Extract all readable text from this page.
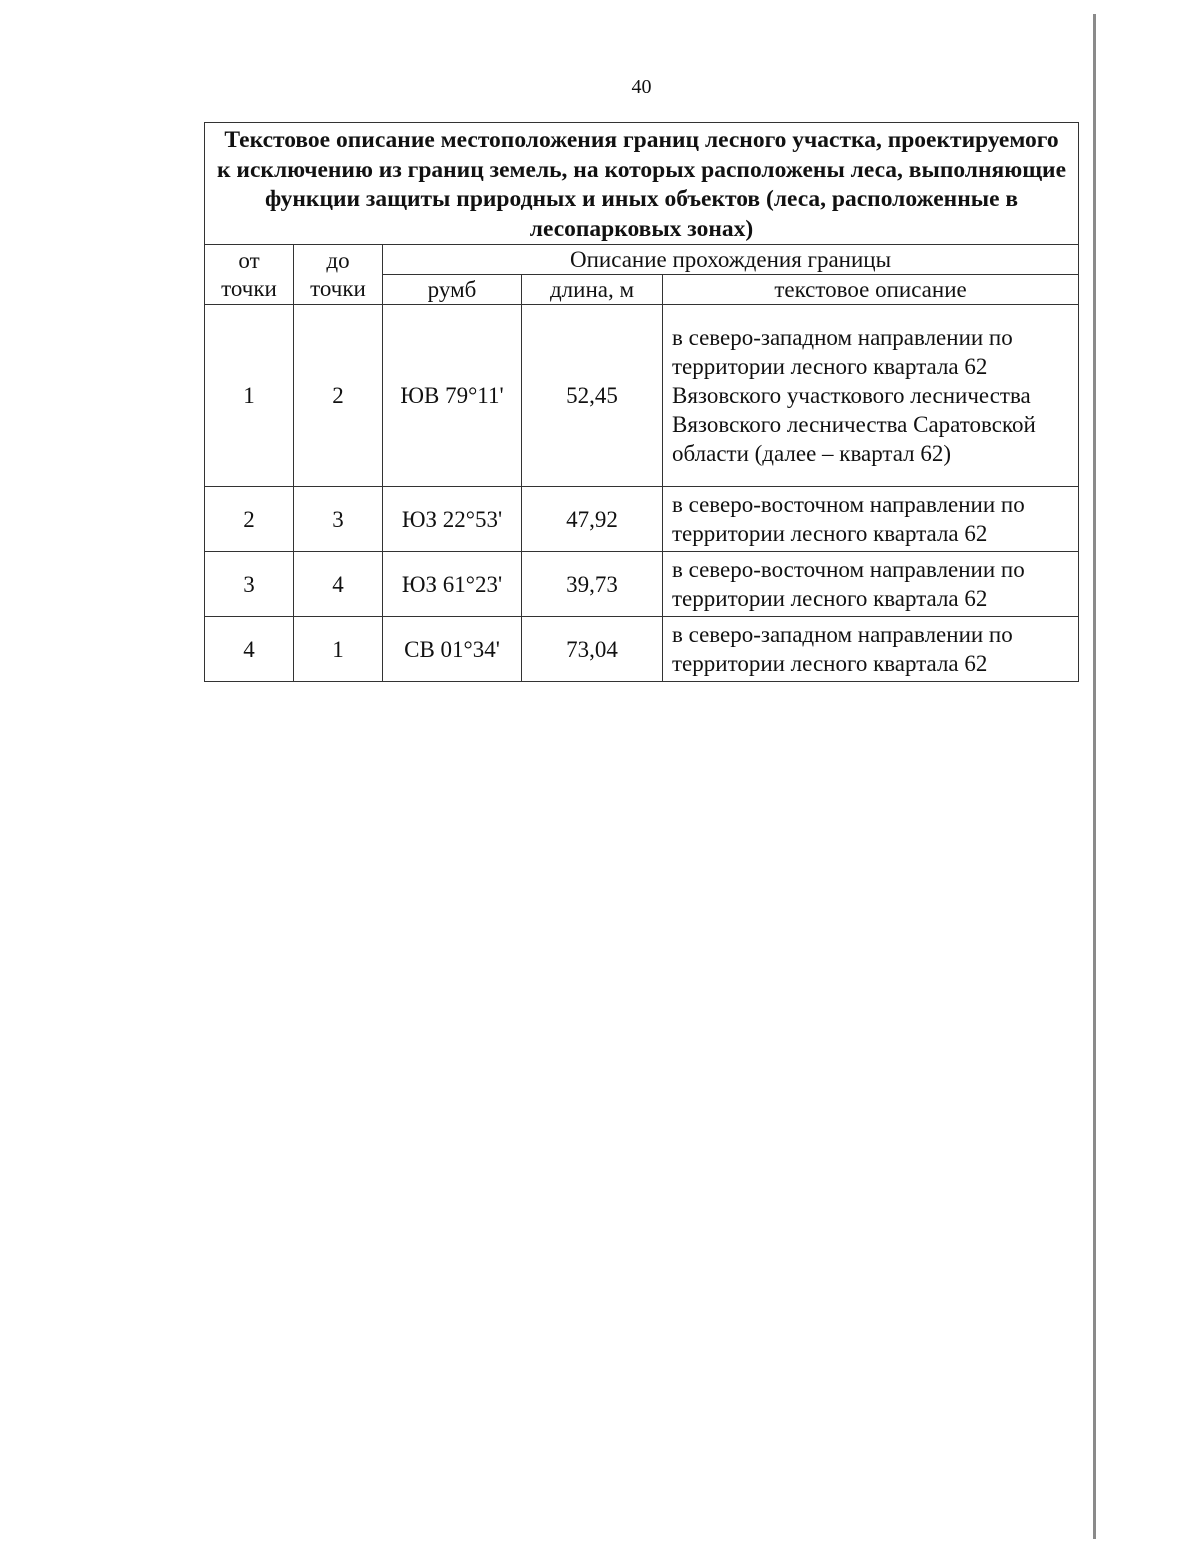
40
Текстовое описание местоположения границ лесного участка, проектируемого к исключению из границ земель, на которых расположены леса, выполняющие функции защиты природных и иных объектов (леса, расположенные в лесопарковых зонах)				
от точки	до точки	Описание прохождения границы		
		румб	длина, м	текстовое описание
1	2	ЮВ 79°11'	52,45	в северо-западном направлении по территории лесного квартала 62 Вязовского участкового лесничества Вязовского лесничества Саратовской области (далее – квартал 62)
2	3	ЮЗ 22°53'	47,92	в северо-восточном направлении по территории лесного квартала 62
3	4	ЮЗ 61°23'	39,73	в северо-восточном направлении по территории лесного квартала 62
4	1	СВ 01°34'	73,04	в северо-западном направлении по территории лесного квартала 62
